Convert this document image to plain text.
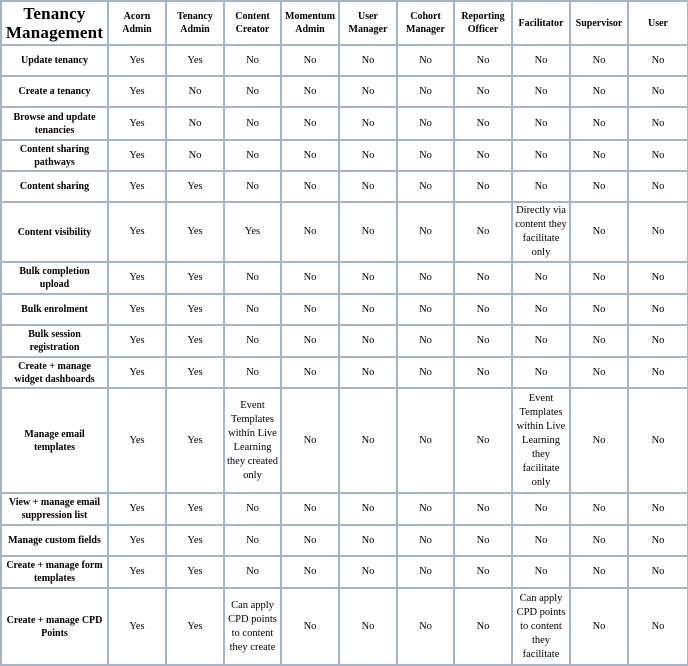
Tenancy Management	Acorn Admin	Tenancy Admin	Content Creator	Momentum Admin	User Manager	Cohort Manager	Reporting Officer	Facilitator	Supervisor	User
Update tenancy	Yes	Yes	No	No	No	No	No	No	No	No
Create a tenancy	Yes	No	No	No	No	No	No	No	No	No
Browse and update tenancies	Yes	No	No	No	No	No	No	No	No	No
Content sharing pathways	Yes	No	No	No	No	No	No	No	No	No
Content sharing	Yes	Yes	No	No	No	No	No	No	No	No
Content visibility	Yes	Yes	Yes	No	No	No	No	Directly via content they facilitate only	No	No
Bulk completion upload	Yes	Yes	No	No	No	No	No	No	No	No
Bulk enrolment	Yes	Yes	No	No	No	No	No	No	No	No
Bulk session registration	Yes	Yes	No	No	No	No	No	No	No	No
Create + manage widget dashboards	Yes	Yes	No	No	No	No	No	No	No	No
Manage email templates	Yes	Yes	Event Templates within Live Learning they created only	No	No	No	No	Event Templates within Live Learning they facilitate only	No	No
View + manage email suppression list	Yes	Yes	No	No	No	No	No	No	No	No
Manage custom fields	Yes	Yes	No	No	No	No	No	No	No	No
Create + manage form templates	Yes	Yes	No	No	No	No	No	No	No	No
Create + manage CPD Points	Yes	Yes	Can apply CPD points to content they create	No	No	No	No	Can apply CPD points to content they facilitate	No	No
